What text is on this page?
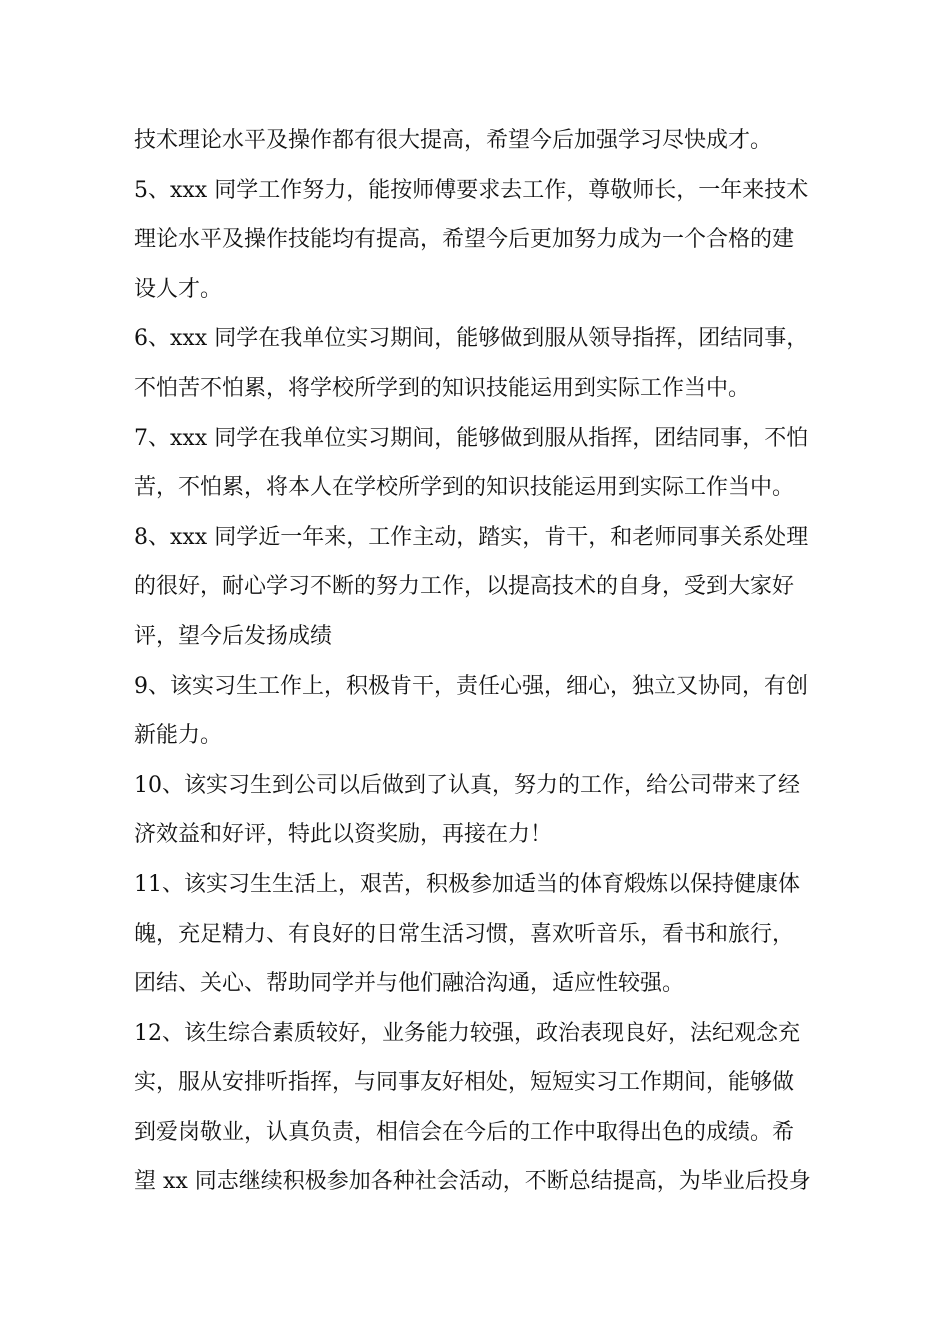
技术理论水平及操作都有很大提高，希望今后加强学习尽快成才。
5、xxx 同学工作努力，能按师傅要求去工作，尊敬师长，一年来技术
理论水平及操作技能均有提高，希望今后更加努力成为一个合格的建
设人才。
6、xxx 同学在我单位实习期间，能够做到服从领导指挥，团结同事，
不怕苦不怕累，将学校所学到的知识技能运用到实际工作当中。
7、xxx 同学在我单位实习期间，能够做到服从指挥，团结同事，不怕
苦，不怕累，将本人在学校所学到的知识技能运用到实际工作当中。
8、xxx 同学近一年来，工作主动，踏实，肯干，和老师同事关系处理
的很好，耐心学习不断的努力工作，以提高技术的自身，受到大家好
评，望今后发扬成绩
9、该实习生工作上，积极肯干，责任心强，细心，独立又协同，有创
新能力。
10、该实习生到公司以后做到了认真，努力的工作，给公司带来了经
济效益和好评，特此以资奖励，再接在力！
11、该实习生生活上，艰苦，积极参加适当的体育煅炼以保持健康体
魄，充足精力、有良好的日常生活习惯，喜欢听音乐，看书和旅行，
团结、关心、帮助同学并与他们融洽沟通，适应性较强。
12、该生综合素质较好，业务能力较强，政治表现良好，法纪观念充
实，服从安排听指挥，与同事友好相处，短短实习工作期间，能够做
到爱岗敬业，认真负责，相信会在今后的工作中取得出色的成绩。希
望 xx 同志继续积极参加各种社会活动，不断总结提高，为毕业后投身
